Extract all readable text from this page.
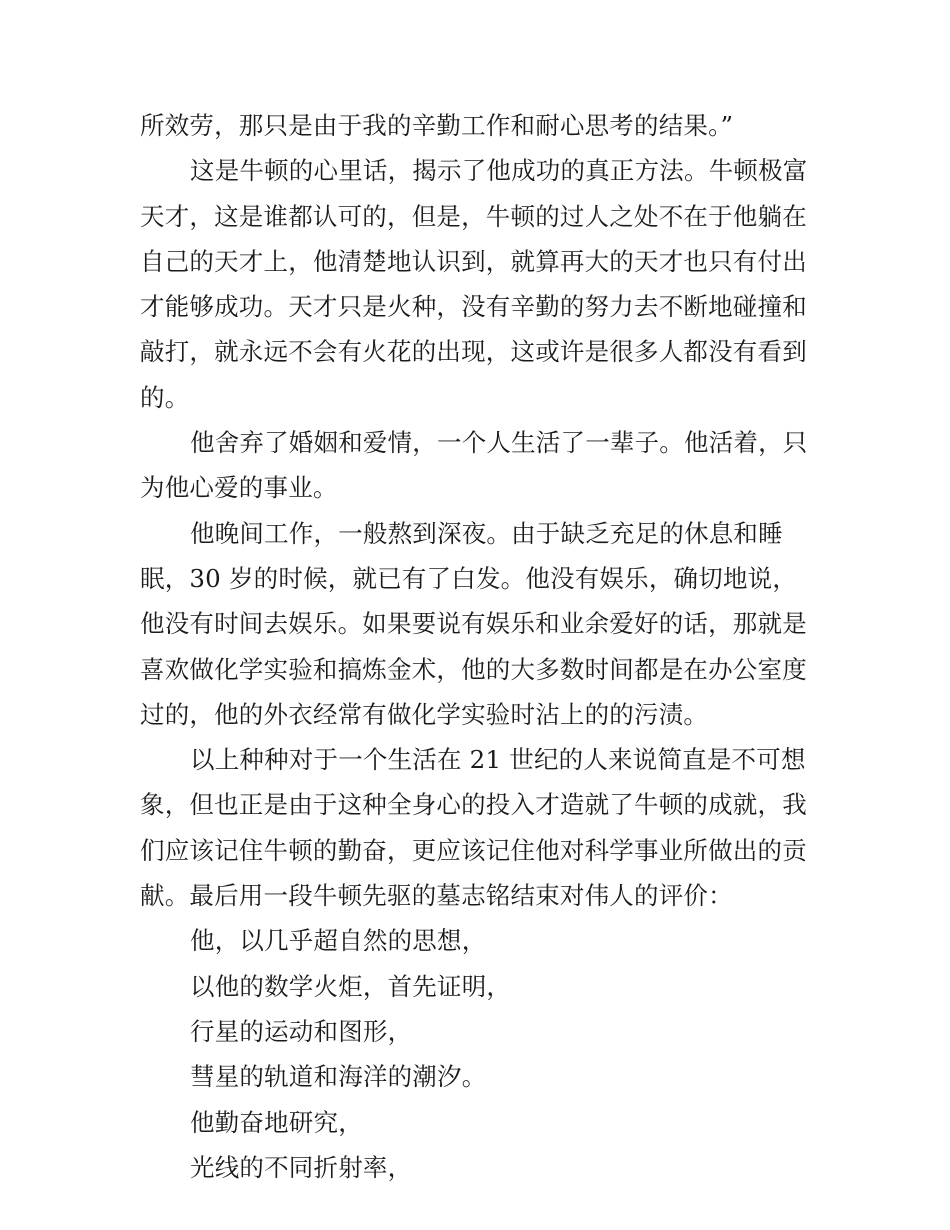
所效劳，那只是由于我的辛勤工作和耐心思考的结果。”
这是牛顿的心里话，揭示了他成功的真正方法。牛顿极富
天才，这是谁都认可的，但是，牛顿的过人之处不在于他躺在
自己的天才上，他清楚地认识到，就算再大的天才也只有付出
才能够成功。天才只是火种，没有辛勤的努力去不断地碰撞和
敲打，就永远不会有火花的出现，这或许是很多人都没有看到
的。
他舍弃了婚姻和爱情，一个人生活了一辈子。他活着，只
为他心爱的事业。
他晚间工作，一般熬到深夜。由于缺乏充足的休息和睡
眠，30 岁的时候，就已有了白发。他没有娱乐，确切地说，
他没有时间去娱乐。如果要说有娱乐和业余爱好的话，那就是
喜欢做化学实验和搞炼金术，他的大多数时间都是在办公室度
过的，他的外衣经常有做化学实验时沾上的的污渍。
以上种种对于一个生活在 21 世纪的人来说简直是不可想
象，但也正是由于这种全身心的投入才造就了牛顿的成就，我
们应该记住牛顿的勤奋，更应该记住他对科学事业所做出的贡
献。最后用一段牛顿先驱的墓志铭结束对伟人的评价：
他，以几乎超自然的思想，
以他的数学火炬，首先证明，
行星的运动和图形，
彗星的轨道和海洋的潮汐。
他勤奋地研究，
光线的不同折射率，
